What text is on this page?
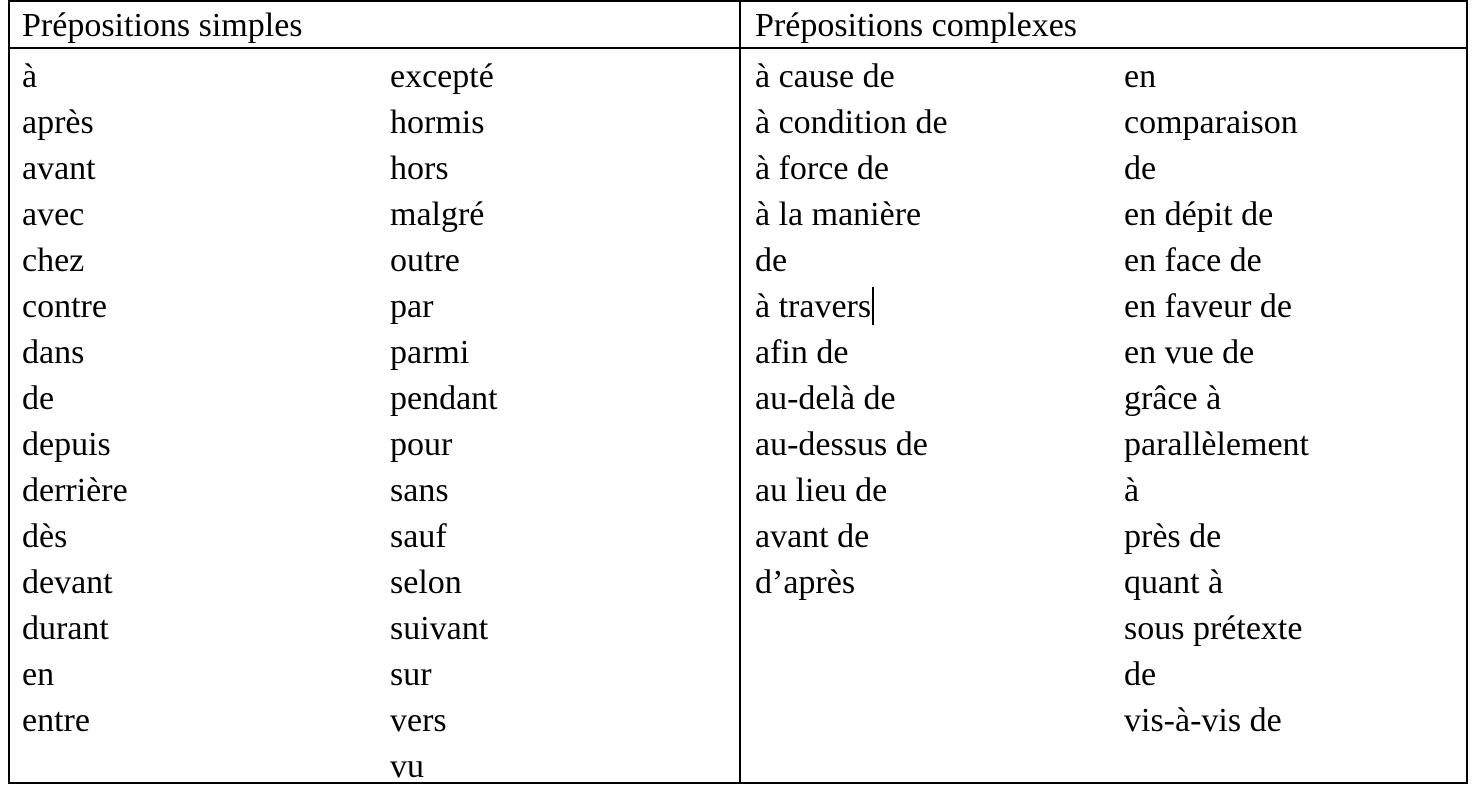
Prépositions simples	Prépositions complexes
à
après
avant
avec
chez
contre
dans
de
depuis
derrière
dès
devant
durant
en
entre
excepté
hormis
hors
malgré
outre
par
parmi
pendant
pour
sans
sauf
selon
suivant
sur
vers
vu
à cause de
à condition de
à force de
à la manière
de
à travers
afin de
au-delà de
au-dessus de
au lieu de
avant de
d’après
en
comparaison
de
en dépit de
en face de
en faveur de
en vue de
grâce à
parallèlement
à
près de
quant à
sous prétexte
de
vis-à-vis de
